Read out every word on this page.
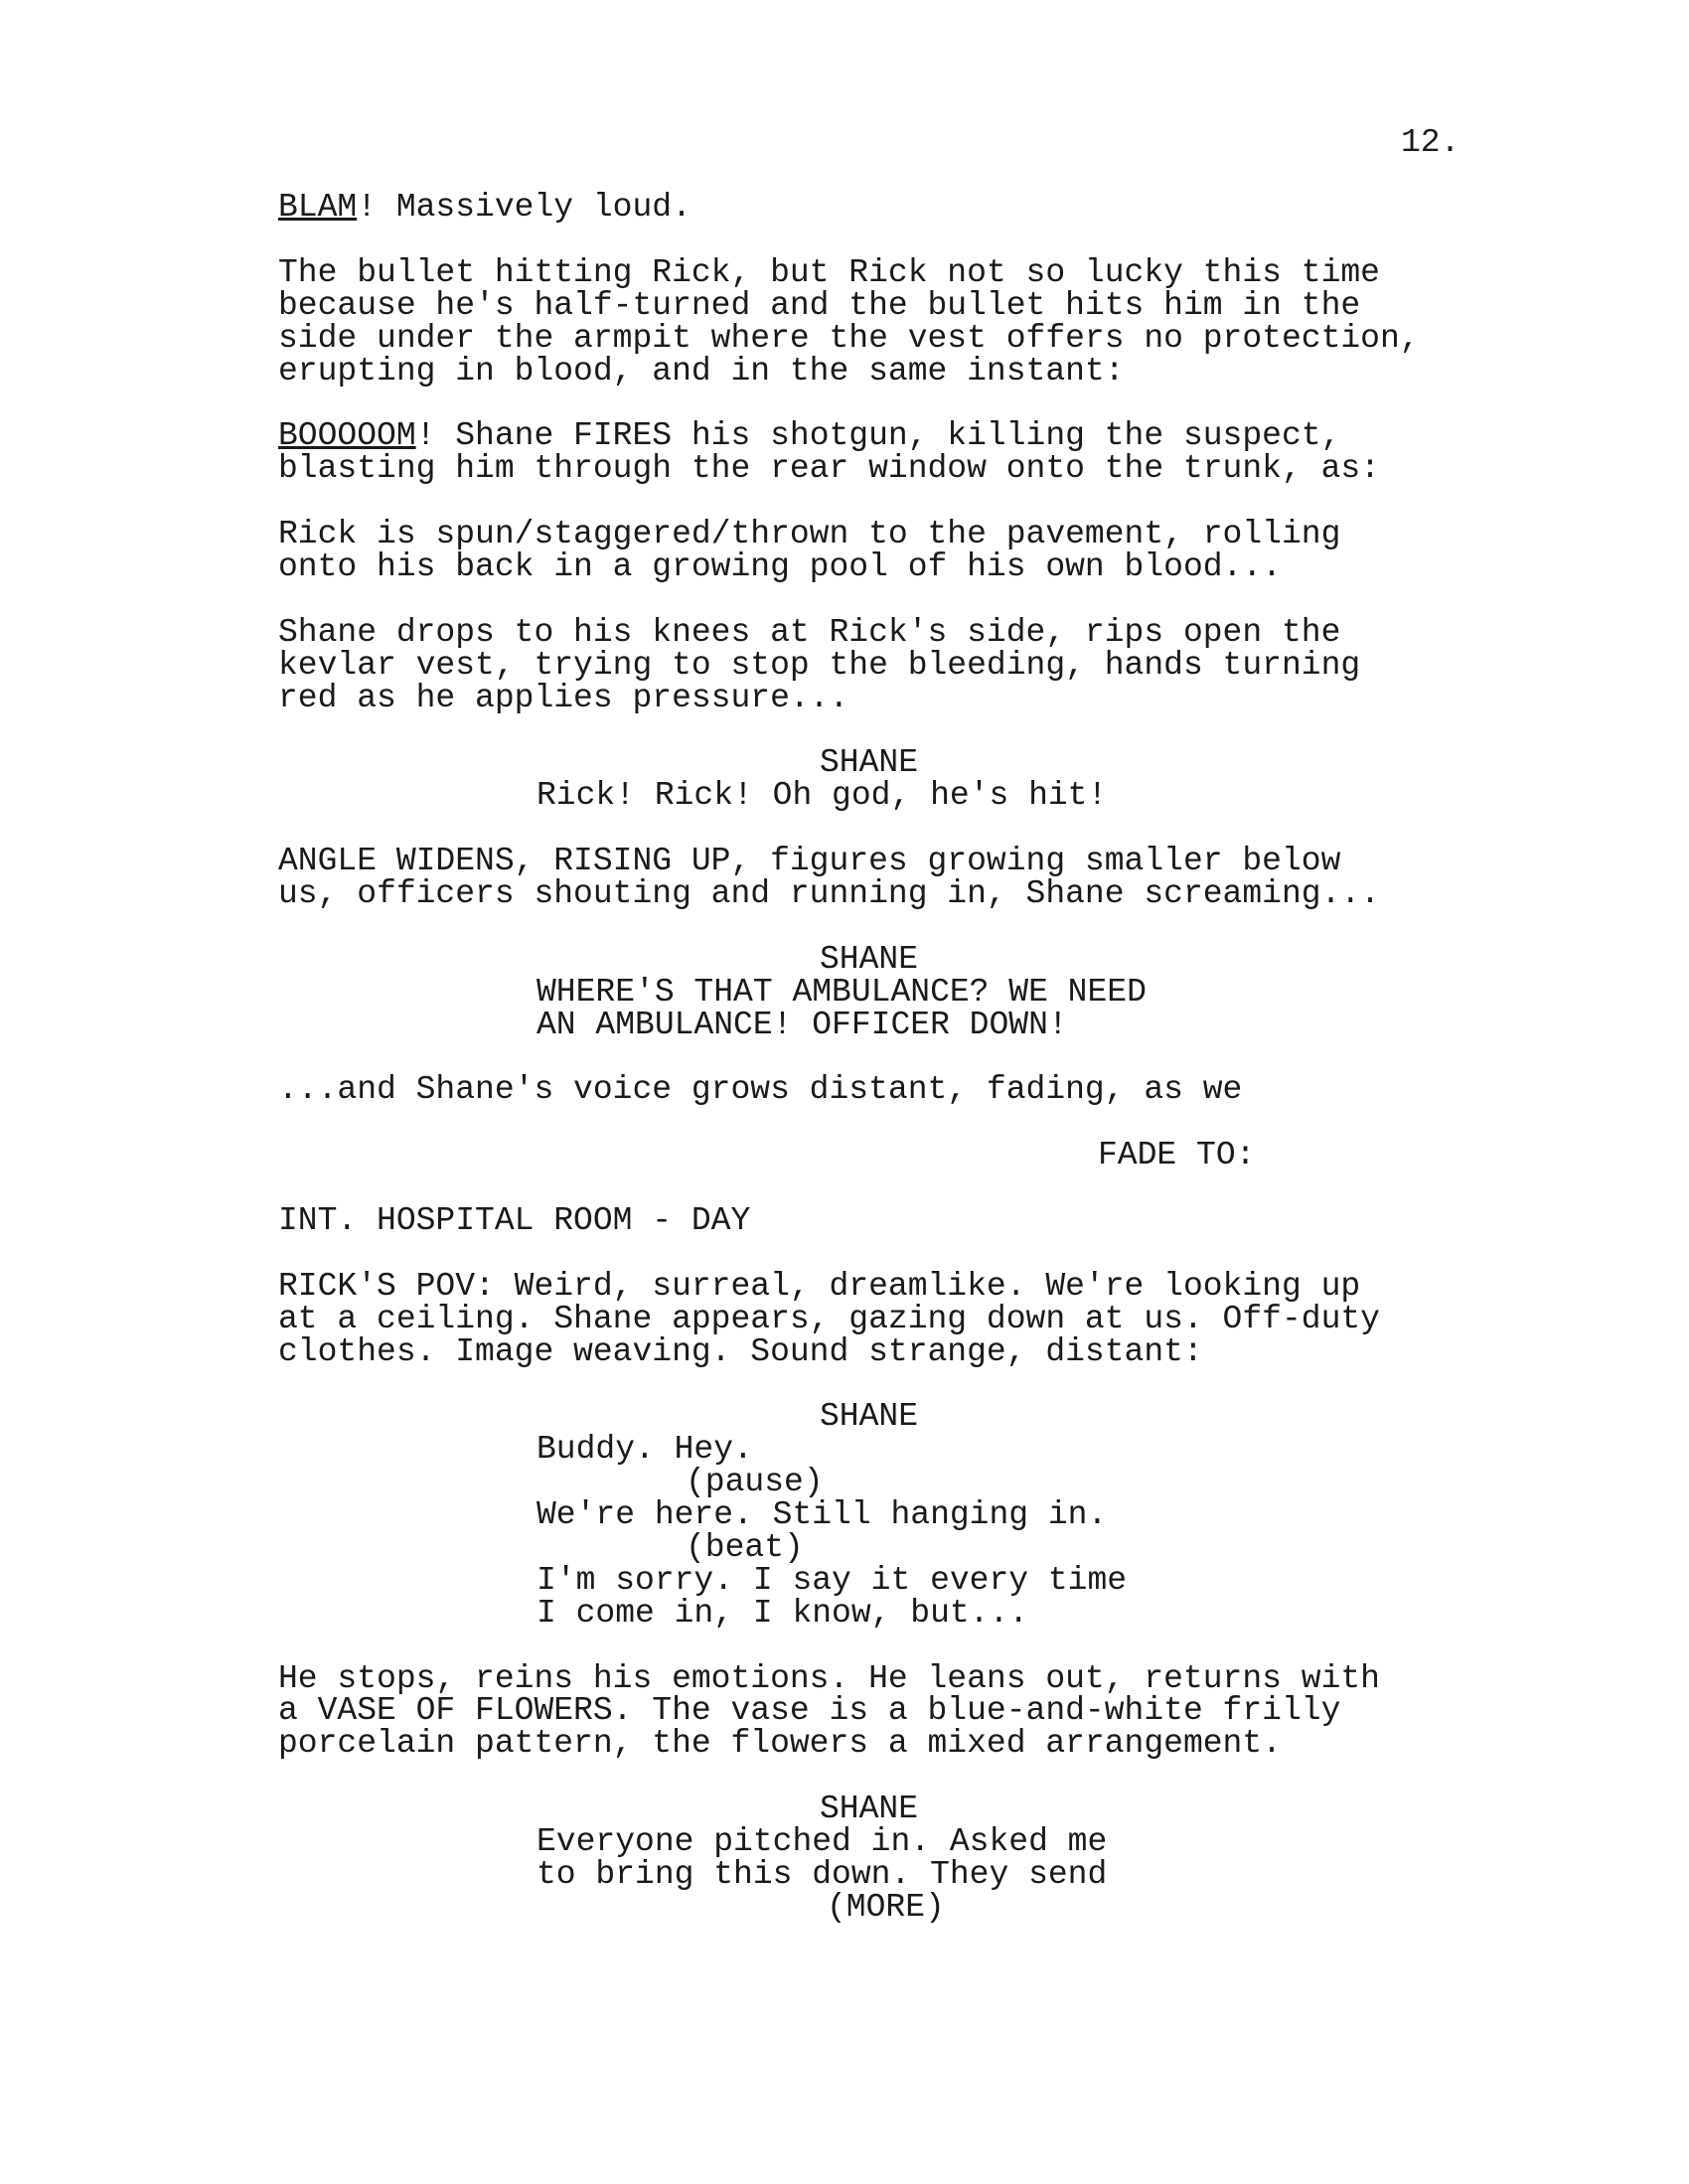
12.
BLAM! Massively loud.
The bullet hitting Rick, but Rick not so lucky this time
because he's half-turned and the bullet hits him in the
side under the armpit where the vest offers no protection,
erupting in blood, and in the same instant:
BOOOOOM! Shane FIRES his shotgun, killing the suspect,
blasting him through the rear window onto the trunk, as:
Rick is spun/staggered/thrown to the pavement, rolling
onto his back in a growing pool of his own blood...
Shane drops to his knees at Rick's side, rips open the
kevlar vest, trying to stop the bleeding, hands turning
red as he applies pressure...
SHANE
Rick! Rick! Oh god, he's hit!
ANGLE WIDENS, RISING UP, figures growing smaller below
us, officers shouting and running in, Shane screaming...
SHANE
WHERE'S THAT AMBULANCE? WE NEED
AN AMBULANCE! OFFICER DOWN!
...and Shane's voice grows distant, fading, as we
FADE TO:
INT. HOSPITAL ROOM - DAY
RICK'S POV: Weird, surreal, dreamlike. We're looking up
at a ceiling. Shane appears, gazing down at us. Off-duty
clothes. Image weaving. Sound strange, distant:
SHANE
Buddy. Hey.
(pause)
We're here. Still hanging in.
(beat)
I'm sorry. I say it every time
I come in, I know, but...
He stops, reins his emotions. He leans out, returns with
a VASE OF FLOWERS. The vase is a blue-and-white frilly
porcelain pattern, the flowers a mixed arrangement.
SHANE
Everyone pitched in. Asked me
to bring this down. They send
(MORE)
